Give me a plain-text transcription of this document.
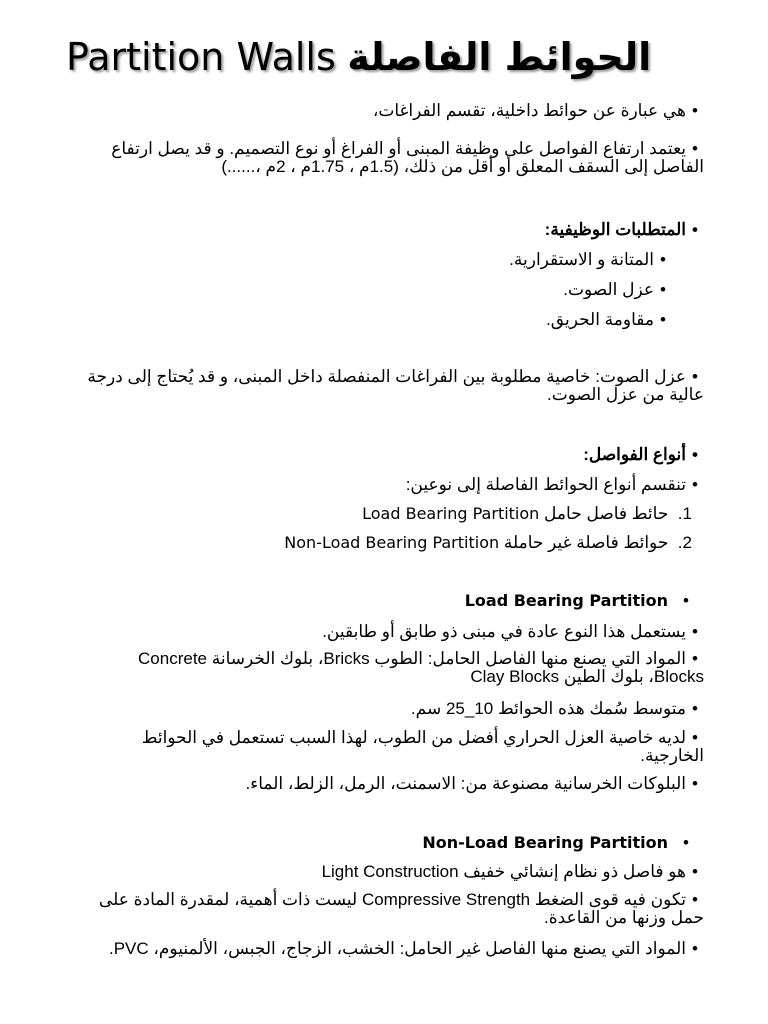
Partition Walls الحوائط الفاصلة
•هي عبارة عن حوائط داخلية، تقسم الفراغات،
•يعتمد ارتفاع الفواصل على وظيفة المبنى أو الفراغ أو نوع التصميم. و قد يصل ارتفاع الفاصل إلى السقف المعلق أو أقل من ذلك، (1.5م ، 1.75م ، 2م ،......)
•المتطلبات الوظيفية:
•المتانة و الاستقرارية.
•عزل الصوت.
•مقاومة الحريق.
•عزل الصوت: خاصية مطلوبة بين الفراغات المنفصلة داخل المبنى، و قد يُحتاج إلى درجة عالية من عزل الصوت.
•أنواع الفواصل:
•تنقسم أنواع الحوائط الفاصلة إلى نوعين:
1.  حائط فاصل حامل Load Bearing Partition
2.  حوائط فاصلة غير حاملة Non-Load Bearing Partition
•Load Bearing Partition
•يستعمل هذا النوع عادة في مبنى ذو طابق أو طابقين.
•المواد التي يصنع منها الفاصل الحامل: الطوب Bricks، بلوك الخرسانة Concrete Blocks، بلوك الطين Clay Blocks
•متوسط سُمك هذه الحوائط 10_25 سم.
•لديه خاصية العزل الحراري أفضل من الطوب، لهذا السبب تستعمل في الحوائط الخارجية.
•البلوكات الخرسانية مصنوعة من: الاسمنت، الرمل، الزلط، الماء.
•Non-Load Bearing Partition
•هو فاصل ذو نظام إنشائي خفيف Light Construction
•تكون فيه قوى الضغط Compressive Strength ليست ذات أهمية، لمقدرة المادة على حمل وزنها من القاعدة.
•المواد التي يصنع منها الفاصل غير الحامل: الخشب، الزجاج، الجبس، الألمنيوم، PVC.
